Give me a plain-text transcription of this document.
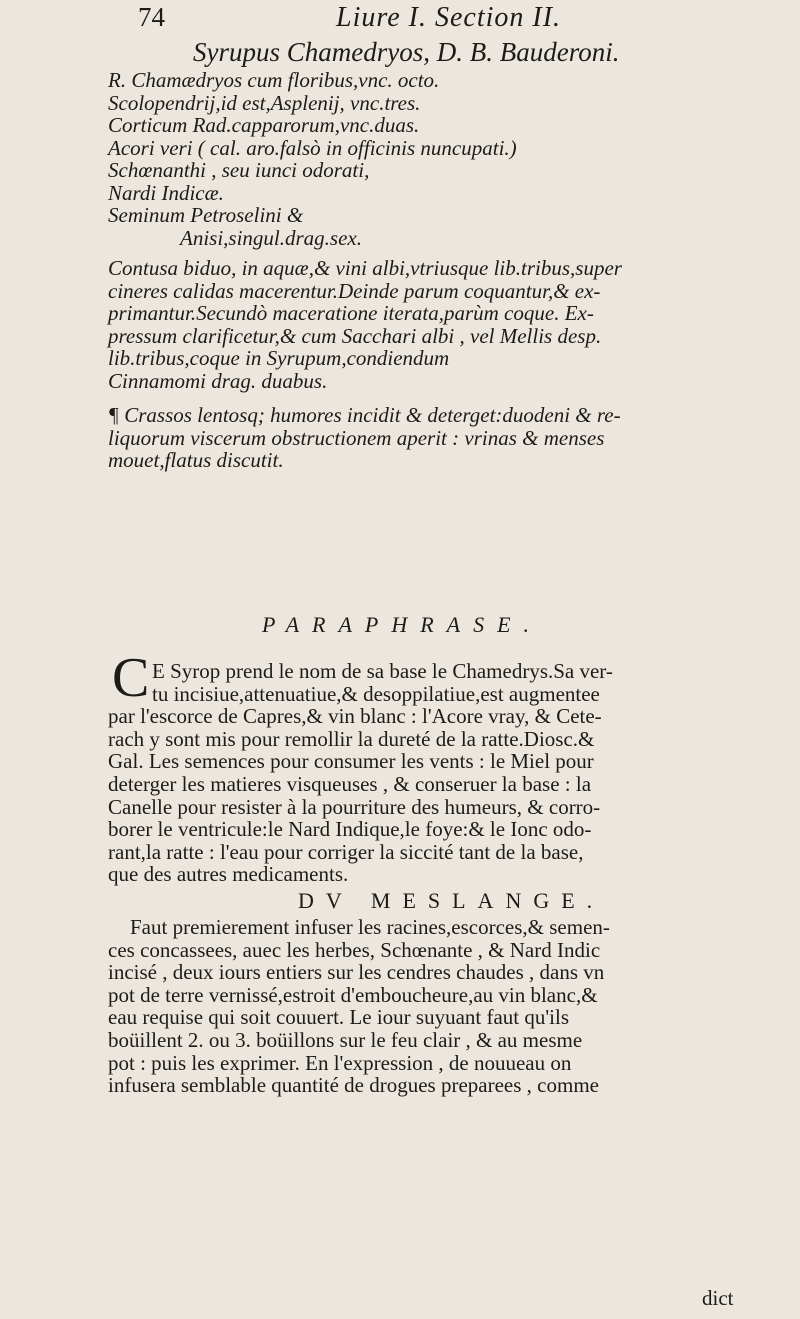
74	Liure I. Section II.
Syrupus Chamedryos, D. B. Bauderoni.
R. Chamædryos cum floribus,vnc. octo.
Scolopendrij,id est,Asplenij, vnc.tres.
Corticum Rad.capparorum,vnc.duas.
Acori veri ( cal. aro.falsò in officinis nuncupati.)
Schœnanthi , seu iunci odorati,
Nardi Indicæ.
Seminum Petroselini &
Anisi,singul.drag.sex.
Contusa biduo, in aquæ,& vini albi,vtriusque lib.tribus,super
cineres calidas macerentur.Deinde parum coquantur,& ex-
primantur.Secundò maceratione iterata,parùm coque. Ex-
pressum clarificetur,& cum Sacchari albi , vel Mellis desp.
lib.tribus,coque in Syrupum,condiendum
Cinnamomi drag. duabus.
¶ Crassos lentosq; humores incidit & deterget:duodeni & re-
liquorum viscerum obstructionem aperit : vrinas & menses
mouet,flatus discutit.
PARAPHRASE.
C E Syrop prend le nom de sa base le Chamedrys.Sa ver-
tu incisiue,attenuatiue,& desoppilatiue,est augmentee
par l'escorce de Capres,& vin blanc : l'Acore vray, & Cete-
rach y sont mis pour remollir la dureté de la ratte.Diosc.&
Gal. Les semences pour consumer les vents : le Miel pour
deterger les matieres visqueuses , & conseruer la base : la
Canelle pour resister à la pourriture des humeurs, & corro-
borer le ventricule:le Nard Indique,le foye:& le Ionc odo-
rant,la ratte : l'eau pour corriger la siccité tant de la base,
que des autres medicaments.
DV MESLANGE.
Faut premierement infuser les racines,escorces,& semen-
ces concassees, auec les herbes, Schœnante , & Nard Indic
incisé , deux iours entiers sur les cendres chaudes , dans vn
pot de terre vernissé,estroit d'emboucheure,au vin blanc,&
eau requise qui soit couuert. Le iour suyuant faut qu'ils
boüillent 2. ou 3. boüillons sur le feu clair , & au mesme
pot : puis les exprimer. En l'expression , de nouueau on
infusera semblable quantité de drogues preparees , comme
dict
